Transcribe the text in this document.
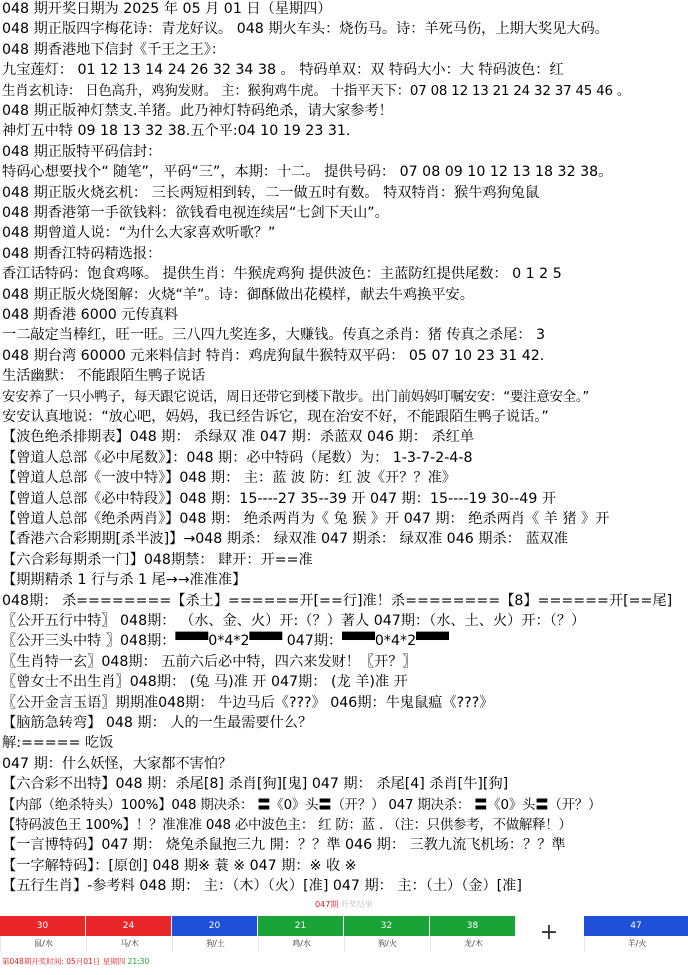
048 期开奖日期为 2025 年 05 月 01 日（星期四）
048 期正版四字梅花诗：青龙好议。 048 期火车头：烧伤马。诗：羊死马伤，上期大奖见大码。
048 期香港地下信封《千王之王》：
九宝莲灯： 01 12 13 14 24 26 32 34 38 。 特码单双：双 特码大小：大 特码波色：红
生肖玄机诗： 日色高升，鸡狗发财。 主：猴狗鸡牛虎。 十指平天下：07 08 12 13 21 24 32 37 45 46 。
048 期正版神灯禁支.羊猪。此乃神灯特码绝杀，请大家参考！
神灯五中特 09 18 13 32 38.五个平:04 10 19 23 31.
048 期正版特平码信封：
特码心想要找个“ 随笔”，平码“三”，本期：十二。 提供号码： 07 08 09 10 12 13 18 32 38。
048 期正版火烧玄机： 三长两短相到转，二一做五时有数。 特双特肖：猴牛鸡狗兔鼠
048 期香港第一手欲钱料：欲钱看电视连续居“七剑下天山”。
048 期曾道人说：“为什么大家喜欢听歌？”
048 期香江特码精选报：
香江话特码：饱食鸡啄。 提供生肖：牛猴虎鸡狗 提供波色：主蓝防红提供尾数： 0 1 2 5
048 期正版火烧图解：火烧“羊”。诗：御酥做出花模样，献去牛鸡换平安。
048 期香港 6000 元传真料
一二敲定当棒红，旺一旺。三八四九奖连多，大赚钱。传真之杀肖：猪 传真之杀尾： 3
048 期台湾 60000 元来料信封 特肖：鸡虎狗鼠牛猴特双平码： 05 07 10 23 31 42.
生活幽默： 不能跟陌生鸭子说话
安安养了一只小鸭子，每天跟它说话，周日还带它到楼下散步。出门前妈妈叮嘱安安：“要注意安全。”
安安认真地说：“放心吧，妈妈，我已经告诉它，现在治安不好，不能跟陌生鸭子说话。”
【波色绝杀排期表】048 期： 杀绿双 准 047 期：杀蓝双 046 期： 杀红单
【曾道人总部《必中尾数》】：048 期：必中特码（尾数）为： 1-3-7-2-4-8
【曾道人总部《一波中特》】048 期： 主：蓝 波 防：红 波《开？？准》
【曾道人总部《必中特段》】048 期：15----27 35--39 开 047 期：15----19 30--49 开
【曾道人总部《绝杀两肖》】048 期： 绝杀两肖为《 兔 猴 》开 047 期： 绝杀两肖《 羊 猪 》开
【香港六合彩期期[杀半波]】→048 期杀： 绿双准 047 期杀： 绿双准 046 期杀： 蓝双准
【六合彩每期杀一门】048期禁： 肆开：开==准
【期期精杀 1 行与杀 1 尾→→准准准】
048期： 杀========【杀土】======开[==行]准！杀========【8】======开[==尾]
〖公开五行中特〗 048期： （水、金、火）开:（？）著人 047期：（水、土、火）开：（？）
〖公开三头中特 〗048期：▀▀▀0*4*2▀▀▀ 047期：▀▀▀0*4*2▀▀▀
〖生肖特一玄〗048期： 五前六后必中特，四六来发财！〖开？〗
〖曾女士不出生肖〗048期： (兔 马)准 开 047期： (龙 羊)准 开
〖公开金言玉语〗期期准048期： 牛边马后《???》 046期：牛鬼鼠瘟《???》
【脑筋急转弯】 048 期： 人的一生最需要什么？
解:===== 吃饭
047 期：什么妖怪，大家都不害怕？
【六合彩不出特】048 期：杀尾[8] 杀肖[狗][鬼] 047 期： 杀尾[4] 杀肖[牛][狗]
【内部（绝杀特头）100%】048 期决杀： 〓《0》头〓（开？） 047 期决杀： 〓《0》头〓（开？）
【特码波色王 100%】！？准准准 048 必中波色主： 红 防：蓝 . （注：只供参考，不做解释！）
【一言博特码】047 期： 烧兔杀鼠抱三九 開：？？準 046 期： 三教九流飞机场：？？準
【一字解特码】：[原创] 048 期※ 蓑 ※ 047 期：※ 收 ※
【五行生肖】-参考料 048 期： 主：（木）（火）[准] 047 期： 主：（土）（金）[准]
047期 开奖结果
30	24	20	21	32	38	47
鼠/水	马/木	狗/土	鸡/水	狗/火	龙/木	羊/火
+
第048期开奖时间: 05月01日 星期四 21:30
